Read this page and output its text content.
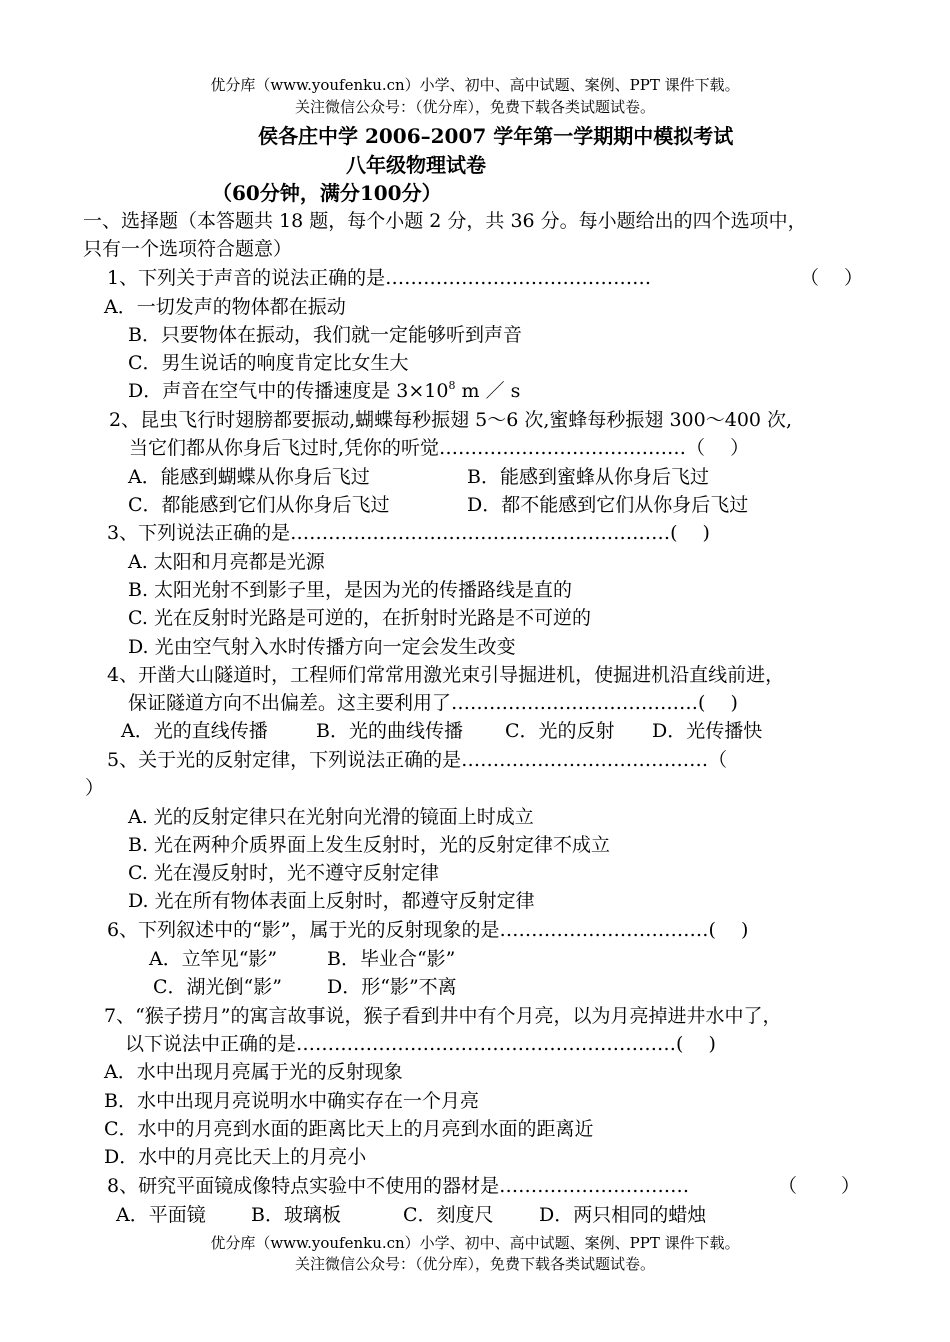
优分库（www.youfenku.cn）小学、初中、高中试题、案例、PPT 课件下载。
关注微信公众号：（优分库），免费下载各类试题试卷。
侯各庄中学 2006–2007 学年第一学期期中模拟考试
八年级物理试卷
（60分钟，满分100分）
一、选择题（本答题共 18 题，每个小题 2 分，共 36 分。每小题给出的四个选项中，
只有一个选项符合题意）
1、下列关于声音的说法正确的是……………………………………	（　 ）
A．一切发声的物体都在振动
B．只要物体在振动，我们就一定能够听到声音
C．男生说话的响度肯定比女生大
D．声音在空气中的传播速度是 $3\times 10^8$ m ／ s
2、昆虫飞行时翅膀都要振动,蝴蝶每秒振翅 5～6 次,蜜蜂每秒振翅 300～400 次,
当它们都从你身后飞过时,凭你的听觉…………………………………（　 ）
A．能感到蝴蝶从你身后飞过	B．能感到蜜蜂从你身后飞过
C．都能感到它们从你身后飞过	D．都不能感到它们从你身后飞过
3、下列说法正确的是……………………………………………………(　 )
A. 太阳和月亮都是光源
B. 太阳光射不到影子里，是因为光的传播路线是直的
C. 光在反射时光路是可逆的，在折射时光路是不可逆的
D. 光由空气射入水时传播方向一定会发生改变
4、开凿大山隧道时，工程师们常常用激光束引导掘进机，使掘进机沿直线前进，
保证隧道方向不出偏差。这主要利用了…………………………………(　 )
A．光的直线传播	B．光的曲线传播 C．光的反射 D．光传播快
5、关于光的反射定律，下列说法正确的是…………………………………（
）
A. 光的反射定律只在光射向光滑的镜面上时成立
B. 光在两种介质界面上发生反射时，光的反射定律不成立
C. 光在漫反射时，光不遵守反射定律
D. 光在所有物体表面上反射时，都遵守反射定律
6、下列叙述中的“影”，属于光的反射现象的是……………………………(　 )
A．立竿见“影”	B．毕业合“影”
C．湖光倒“影” D．形“影”不离
7、“猴子捞月”的寓言故事说，猴子看到井中有个月亮，以为月亮掉进井水中了，
以下说法中正确的是……………………………………………………(　 )
A．水中出现月亮属于光的反射现象
B．水中出现月亮说明水中确实存在一个月亮
C．水中的月亮到水面的距离比天上的月亮到水面的距离近
D．水中的月亮比天上的月亮小
8、研究平面镜成像特点实验中不使用的器材是…………………………	（　　 ）
A．平面镜 B．玻璃板	C．刻度尺 D．两只相同的蜡烛
优分库（www.youfenku.cn）小学、初中、高中试题、案例、PPT 课件下载。
关注微信公众号：（优分库），免费下载各类试题试卷。
